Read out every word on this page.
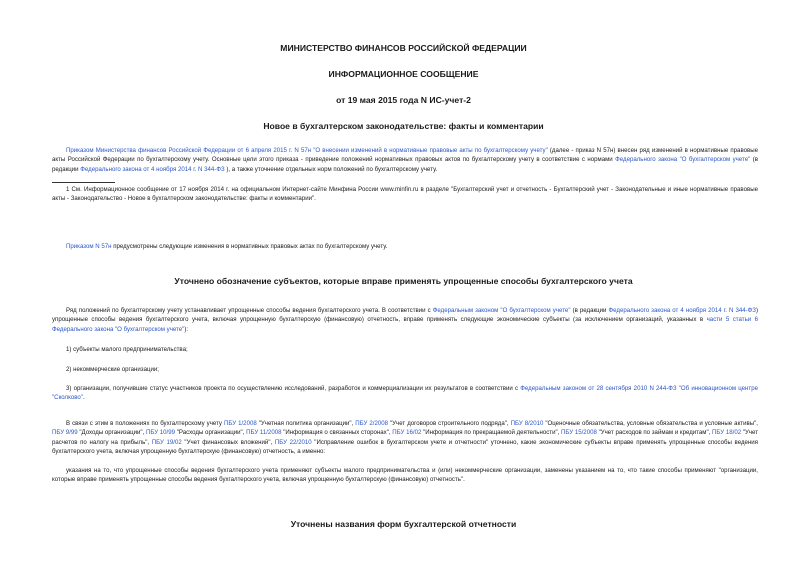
МИНИСТЕРСТВО ФИНАНСОВ РОССИЙСКОЙ ФЕДЕРАЦИИ
ИНФОРМАЦИОННОЕ СООБЩЕНИЕ
от 19 мая 2015 года N ИС-учет-2
Новое в бухгалтерском законодательстве: факты и комментарии
Приказом Министерства финансов Российской Федерации от 6 апреля 2015 г. N 57н "О внесении изменений в нормативные правовые акты по бухгалтерскому учету" (далее - приказ N 57н) внесен ряд изменений в нормативные правовые акты Российской Федерации по бухгалтерскому учету. Основные цели этого приказа - приведение положений нормативных правовых актов по бухгалтерскому учету в соответствие с нормами Федерального закона "О бухгалтерском учете" (в редакции Федерального закона от 4 ноября 2014 г. N 344-ФЗ ), а также уточнение отдельных норм положений по бухгалтерскому учету.
1 См. Информационное сообщение от 17 ноября 2014 г. на официальном Интернет-сайте Минфина России www.minfin.ru в разделе "Бухгалтерский учет и отчетность - Бухгалтерский учет - Законодательные и иные нормативные правовые акты - Законодательство - Новое в бухгалтерском законодательстве: факты и комментарии".
Приказом N 57н предусмотрены следующие изменения в нормативных правовых актах по бухгалтерскому учету.
Уточнено обозначение субъектов, которые вправе применять упрощенные способы бухгалтерского учета
Ряд положений по бухгалтерскому учету устанавливает упрощенные способы ведения бухгалтерского учета. В соответствии с Федеральным законом "О бухгалтерском учете" (в редакции Федерального закона от 4 ноября 2014 г. N 344-ФЗ) упрощенные способы ведения бухгалтерского учета, включая упрощенную бухгалтерскую (финансовую) отчетность, вправе применять следующие экономические субъекты (за исключением организаций, указанных в части 5 статьи 6 Федерального закона "О бухгалтерском учете"):
1) субъекты малого предпринимательства;
2) некоммерческие организации;
3) организации, получившие статус участников проекта по осуществлению исследований, разработок и коммерциализации их результатов в соответствии с Федеральным законом от 28 сентября 2010 N 244-ФЗ "Об инновационном центре "Сколково".
В связи с этим в положениях по бухгалтерскому учету ПБУ 1/2008 "Учетная политика организации", ПБУ 2/2008 "Учет договоров строительного подряда", ПБУ 8/2010 "Оценочные обязательства, условные обязательства и условные активы", ПБУ 9/99 "Доходы организации", ПБУ 10/99 "Расходы организации", ПБУ 11/2008 "Информация о связанных сторонах", ПБУ 16/02 "Информация по прекращаемой деятельности", ПБУ 15/2008 "Учет расходов по займам и кредитам", ПБУ 18/02 "Учет расчетов по налогу на прибыль", ПБУ 19/02 "Учет финансовых вложений", ПБУ 22/2010 "Исправление ошибок в бухгалтерском учете и отчетности" уточнено, какие экономические субъекты вправе применять упрощенные способы ведения бухгалтерского учета, включая упрощенную бухгалтерскую (финансовую) отчетность, а именно:
указания на то, что упрощенные способы ведения бухгалтерского учета применяют субъекты малого предпринимательства и (или) некоммерческие организации, заменены указанием на то, что такие способы применяют "организации, которые вправе применять упрощенные способы ведения бухгалтерского учета, включая упрощенную бухгалтерскую (финансовую) отчетность".
Уточнены названия форм бухгалтерской отчетности
